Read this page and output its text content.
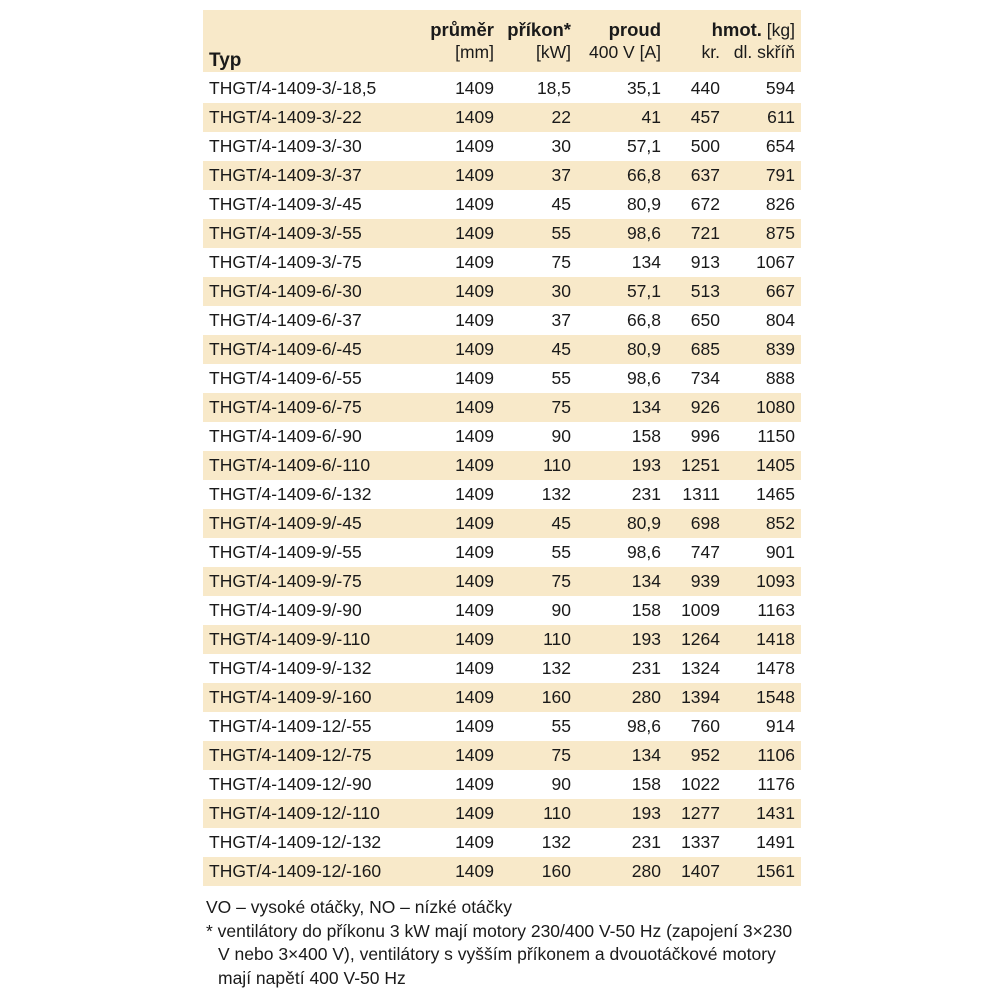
Typ	průměr	příkon*	proud	hmot. [kg]	
	[mm]	[kW]	400 V [A]	kr.	dl. skříň
THGT/4-1409-3/-18,5	1409	18,5	35,1	440	594
THGT/4-1409-3/-22	1409	22	41	457	611
THGT/4-1409-3/-30	1409	30	57,1	500	654
THGT/4-1409-3/-37	1409	37	66,8	637	791
THGT/4-1409-3/-45	1409	45	80,9	672	826
THGT/4-1409-3/-55	1409	55	98,6	721	875
THGT/4-1409-3/-75	1409	75	134	913	1067
THGT/4-1409-6/-30	1409	30	57,1	513	667
THGT/4-1409-6/-37	1409	37	66,8	650	804
THGT/4-1409-6/-45	1409	45	80,9	685	839
THGT/4-1409-6/-55	1409	55	98,6	734	888
THGT/4-1409-6/-75	1409	75	134	926	1080
THGT/4-1409-6/-90	1409	90	158	996	1150
THGT/4-1409-6/-110	1409	110	193	1251	1405
THGT/4-1409-6/-132	1409	132	231	1311	1465
THGT/4-1409-9/-45	1409	45	80,9	698	852
THGT/4-1409-9/-55	1409	55	98,6	747	901
THGT/4-1409-9/-75	1409	75	134	939	1093
THGT/4-1409-9/-90	1409	90	158	1009	1163
THGT/4-1409-9/-110	1409	110	193	1264	1418
THGT/4-1409-9/-132	1409	132	231	1324	1478
THGT/4-1409-9/-160	1409	160	280	1394	1548
THGT/4-1409-12/-55	1409	55	98,6	760	914
THGT/4-1409-12/-75	1409	75	134	952	1106
THGT/4-1409-12/-90	1409	90	158	1022	1176
THGT/4-1409-12/-110	1409	110	193	1277	1431
THGT/4-1409-12/-132	1409	132	231	1337	1491
THGT/4-1409-12/-160	1409	160	280	1407	1561

VO – vysoké otáčky, NO – nízké otáčky

* ventilátory do příkonu 3 kW mají motory 230/400 V-50 Hz (zapojení 3×230 V nebo 3×400 V), ventilátory s vyšším příkonem a dvouotáčkové motory mají napětí 400 V-50 Hz
